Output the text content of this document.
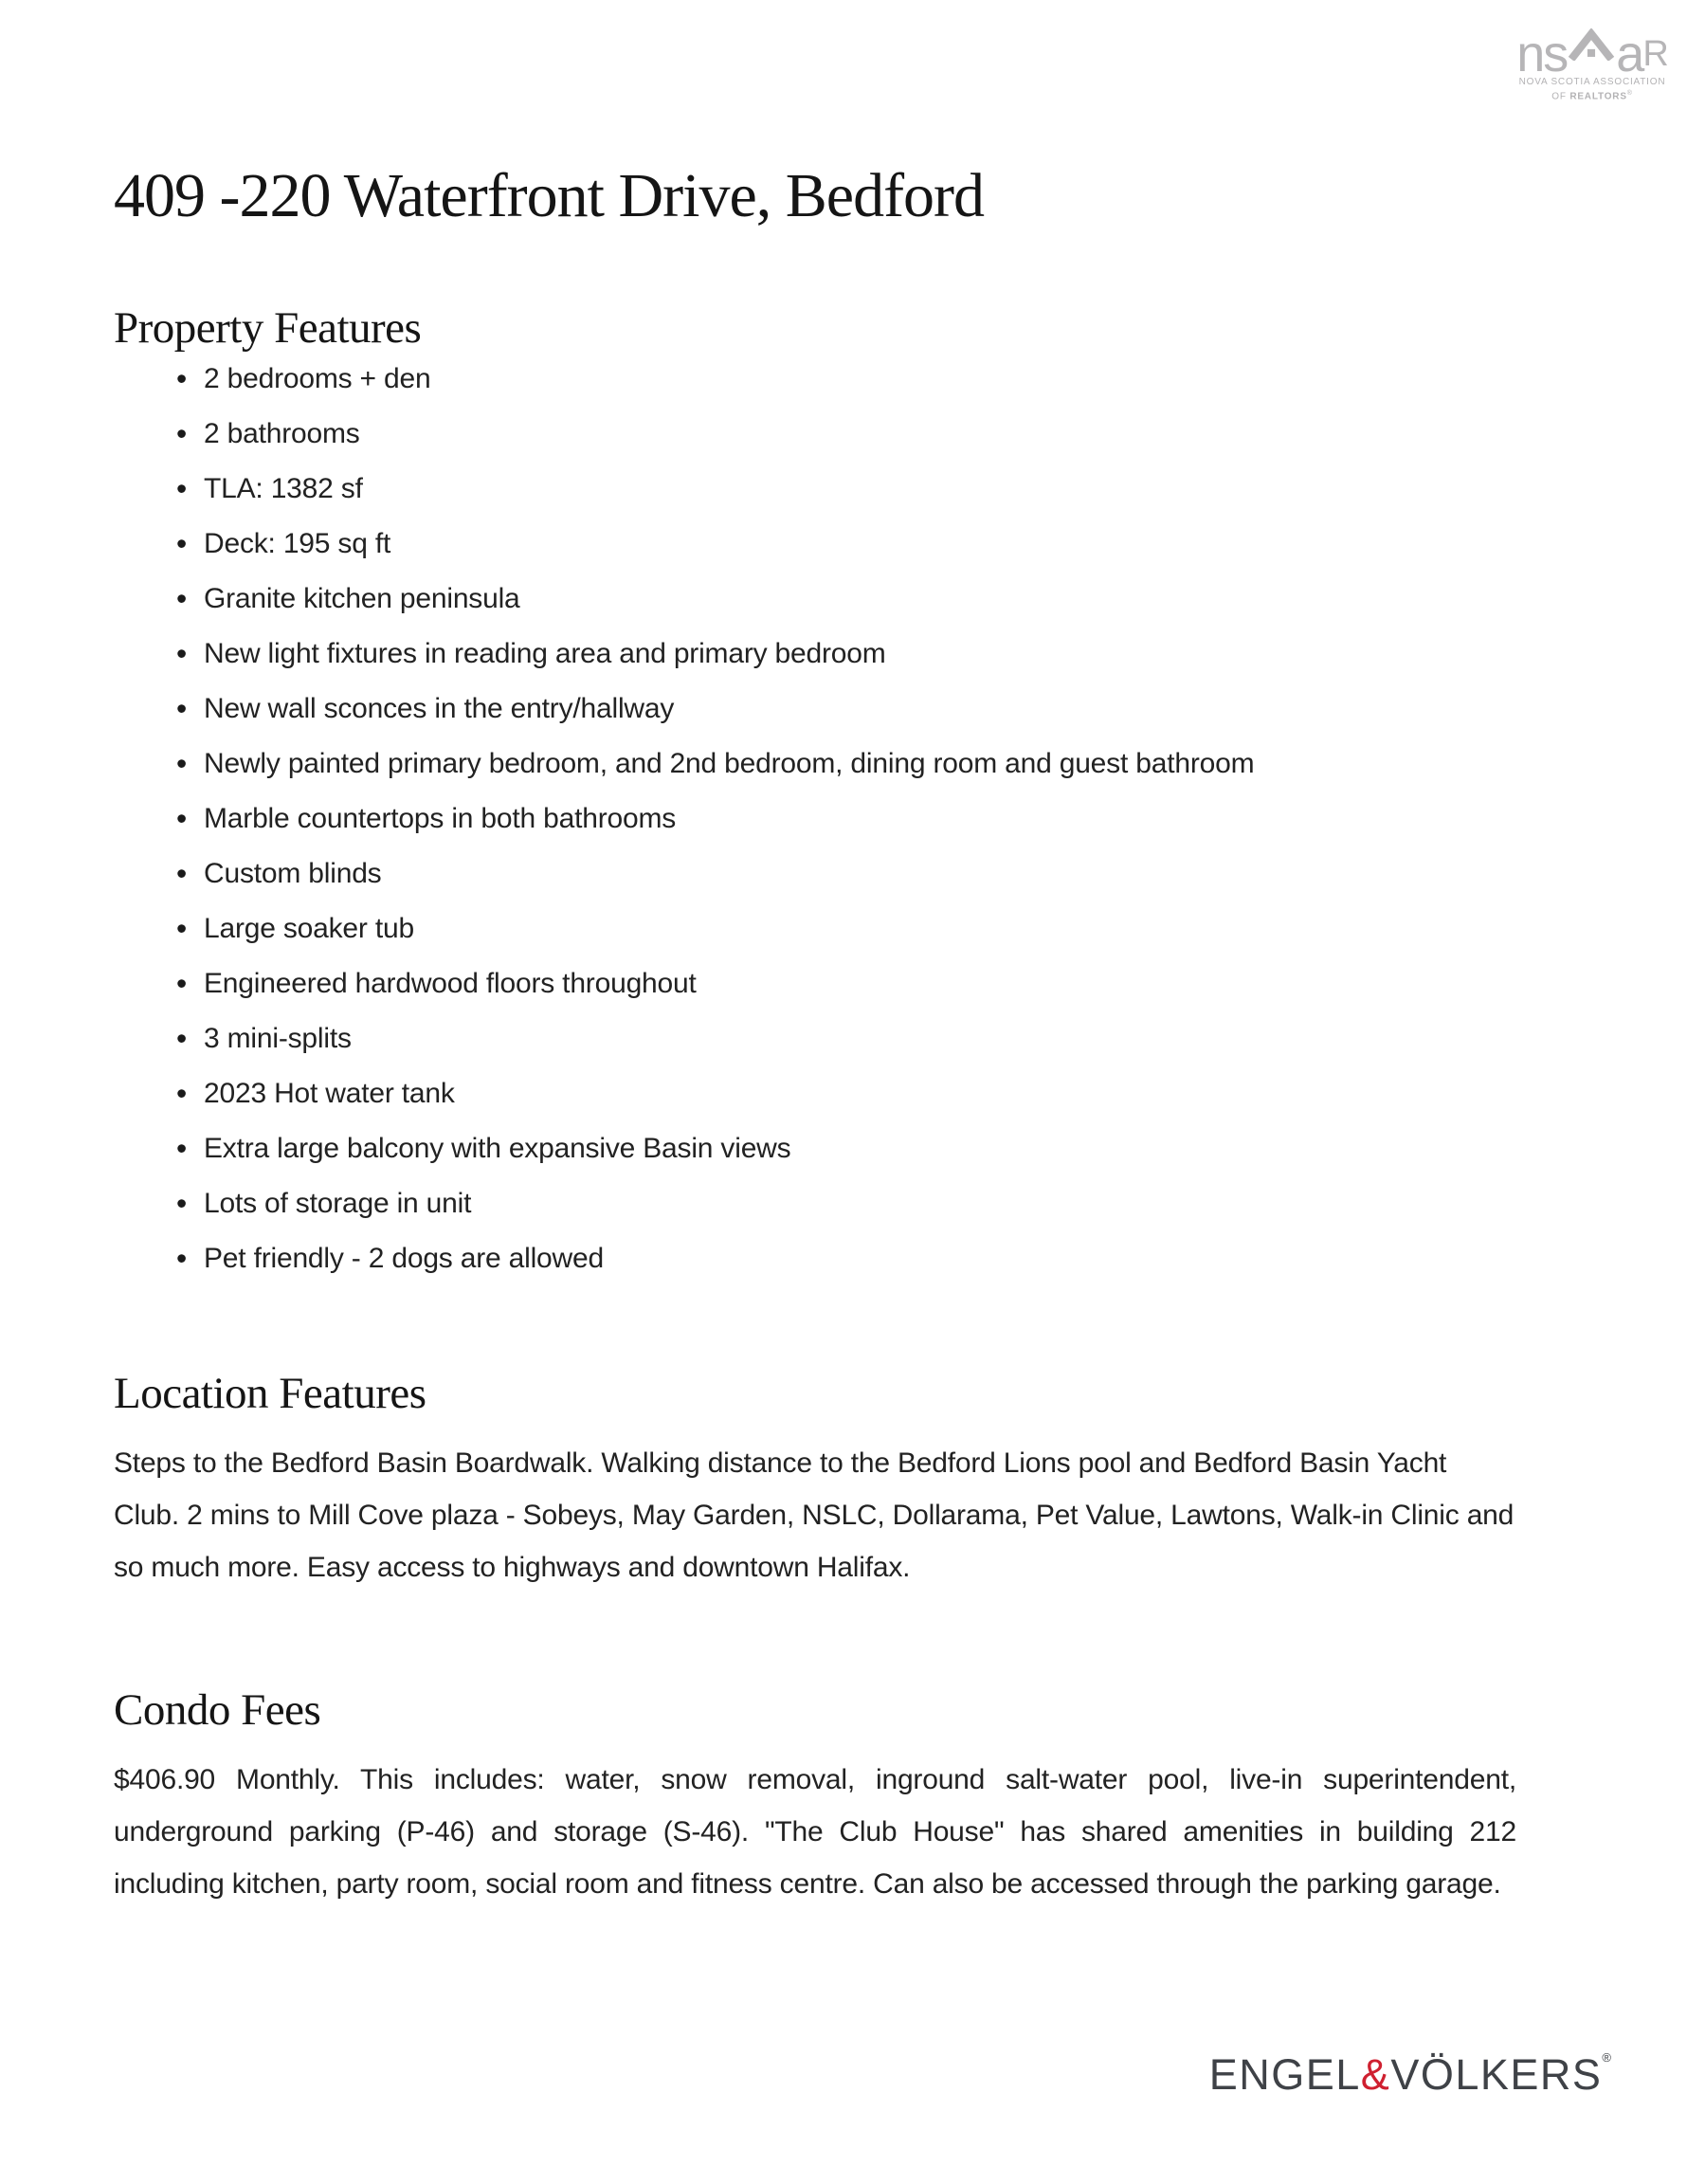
ns a R
NOVA SCOTIA ASSOCIATION
OF REALTORS®
409 -220 Waterfront Drive, Bedford
Property Features
• 2 bedrooms + den
• 2 bathrooms
• TLA: 1382 sf
• Deck: 195 sq ft
• Granite kitchen peninsula
• New light fixtures in reading area and primary bedroom
• New wall sconces in the entry/hallway
• Newly painted primary bedroom, and 2nd bedroom, dining room and guest bathroom
• Marble countertops in both bathrooms
• Custom blinds
• Large soaker tub
• Engineered hardwood floors throughout
• 3 mini-splits
• 2023 Hot water tank
• Extra large balcony with expansive Basin views
• Lots of storage in unit
• Pet friendly - 2 dogs are allowed
Location Features

Steps to the Bedford Basin Boardwalk. Walking distance to the Bedford Lions pool and Bedford Basin Yacht Club. 2 mins to Mill Cove plaza - Sobeys, May Garden, NSLC, Dollarama, Pet Value, Lawtons, Walk-in Clinic and so much more. Easy access to highways and downtown Halifax.

Condo Fees

$406.90 Monthly. This includes: water, snow removal, inground salt-water pool, live-in superintendent, underground parking (P-46) and storage (S-46). "The Club House" has shared amenities in building 212 including kitchen, party room, social room and fitness centre. Can also be accessed through the parking garage.

ENGEL & VÖLKERS ®
